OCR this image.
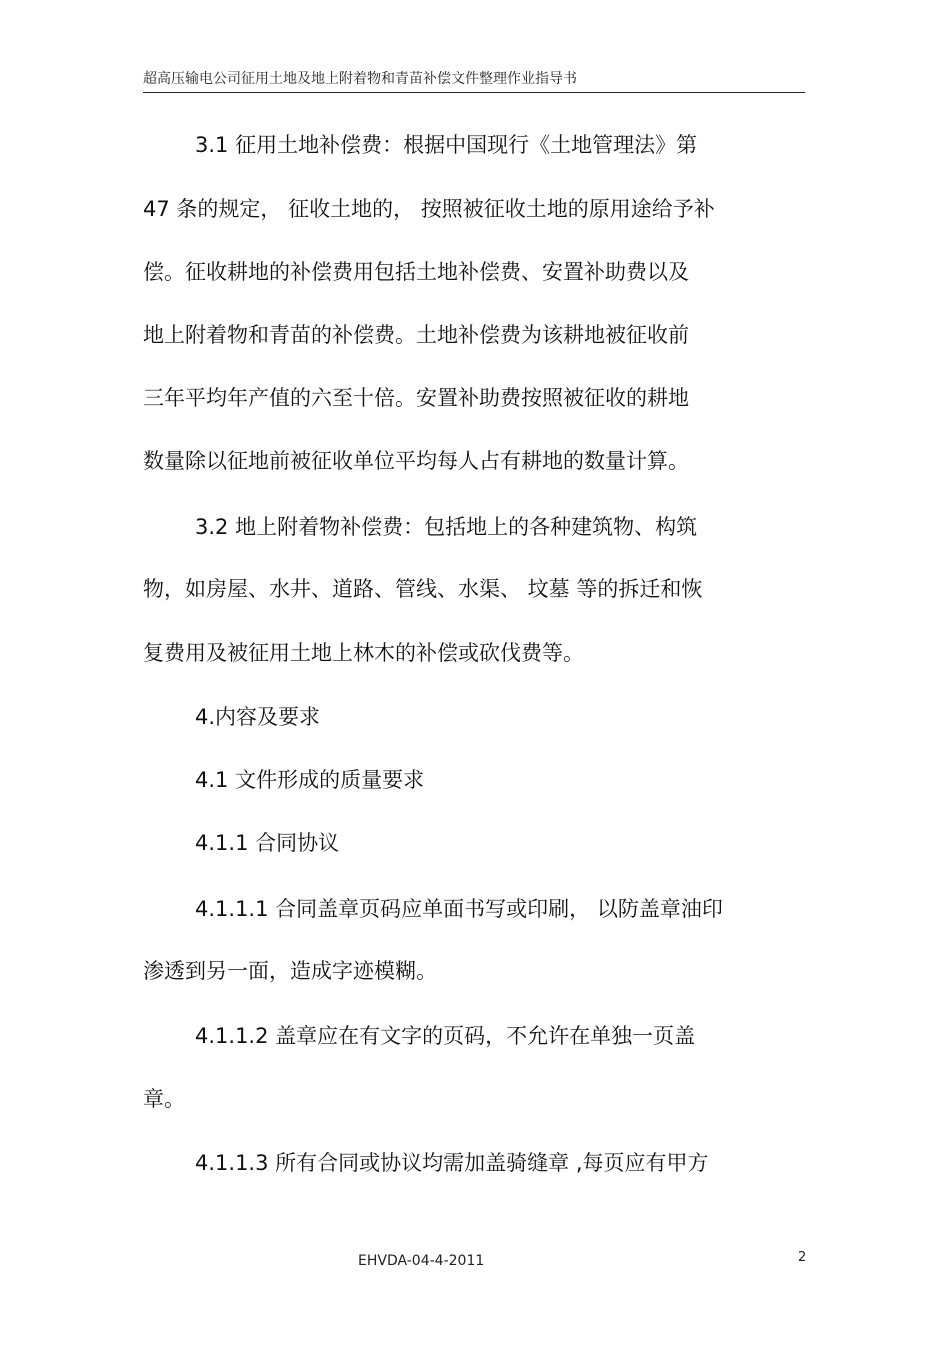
超高压输电公司征用土地及地上附着物和青苗补偿文件整理作业指导书
3.1 征用土地补偿费：根据中国现行《土地管理法》第
47 条的规定， 征收土地的， 按照被征收土地的原用途给予补
偿。征收耕地的补偿费用包括土地补偿费、安置补助费以及
地上附着物和青苗的补偿费。土地补偿费为该耕地被征收前
三年平均年产值的六至十倍。安置补助费按照被征收的耕地
数量除以征地前被征收单位平均每人占有耕地的数量计算。
3.2 地上附着物补偿费：包括地上的各种建筑物、构筑
物，如房屋、水井、道路、管线、水渠、 坟墓 等的拆迁和恢
复费用及被征用土地上林木的补偿或砍伐费等。
4.内容及要求
4.1 文件形成的质量要求
4.1.1 合同协议
4.1.1.1 合同盖章页码应单面书写或印刷， 以防盖章油印
渗透到另一面，造成字迹模糊。
4.1.1.2 盖章应在有文字的页码，不允许在单独一页盖
章。
4.1.1.3 所有合同或协议均需加盖骑缝章 ,每页应有甲方
EHVDA-04-4-2011	2
